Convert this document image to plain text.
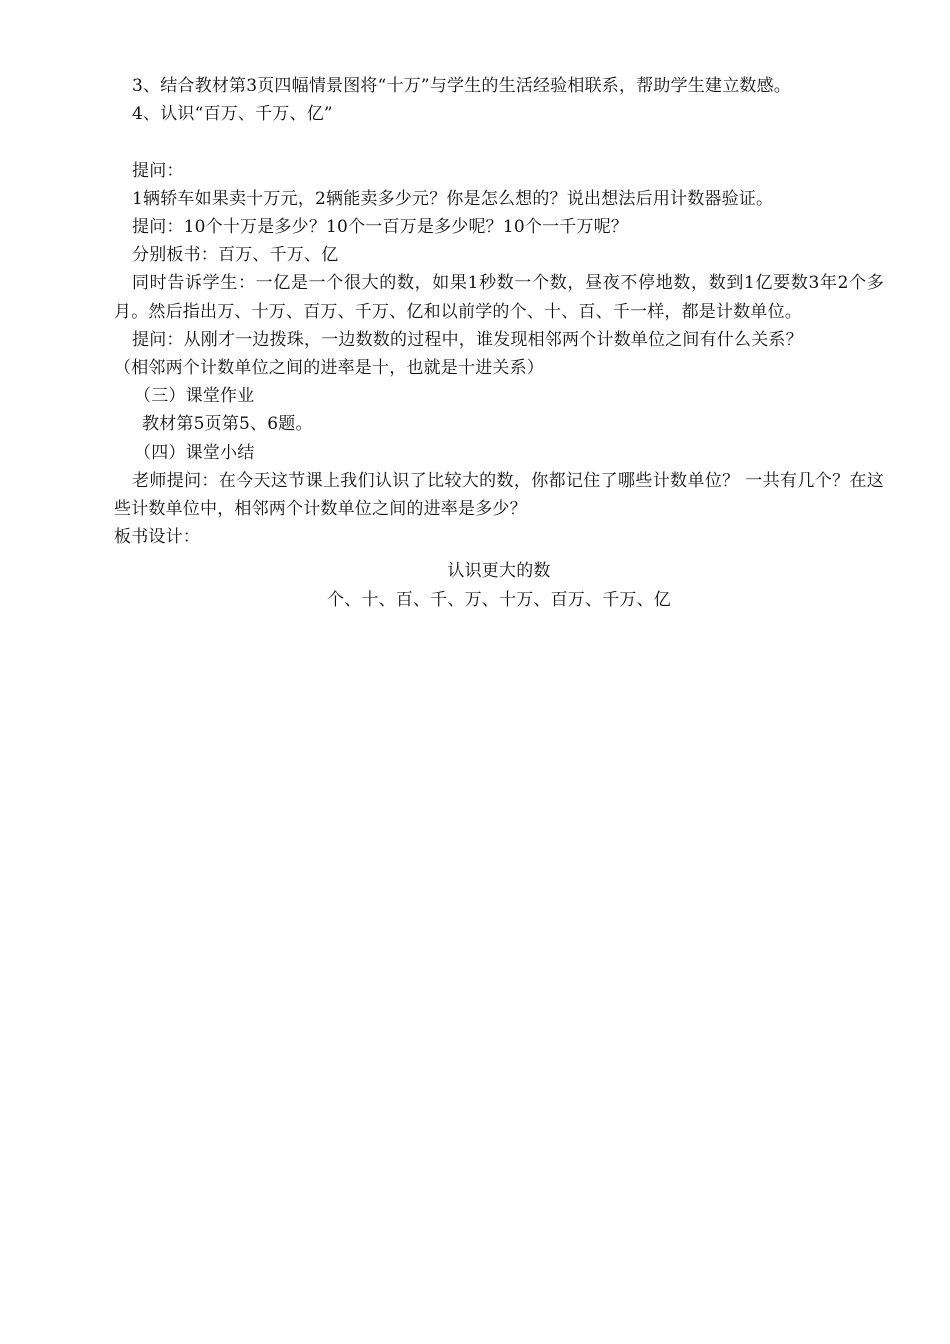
3、结合教材第3页四幅情景图将“十万”与学生的生活经验相联系，帮助学生建立数感。
4、认识“百万、千万、亿”
提问：
1辆轿车如果卖十万元，2辆能卖多少元？你是怎么想的？说出想法后用计数器验证。
提问：10个十万是多少？10个一百万是多少呢？10个一千万呢？
分别板书：百万、千万、亿
同时告诉学生：一亿是一个很大的数，如果1秒数一个数，昼夜不停地数，数到1亿要数3年2个多月。然后指出万、十万、百万、千万、亿和以前学的个、十、百、千一样，都是计数单位。
提问：从刚才一边拨珠，一边数数的过程中，谁发现相邻两个计数单位之间有什么关系？
（相邻两个计数单位之间的进率是十，也就是十进关系）
（三）课堂作业
教材第5页第5、6题。
（四）课堂小结
老师提问：在今天这节课上我们认识了比较大的数，你都记住了哪些计数单位？ 一共有几个？在这些计数单位中，相邻两个计数单位之间的进率是多少？
板书设计：
认识更大的数
个、十、百、千、万、十万、百万、千万、亿
